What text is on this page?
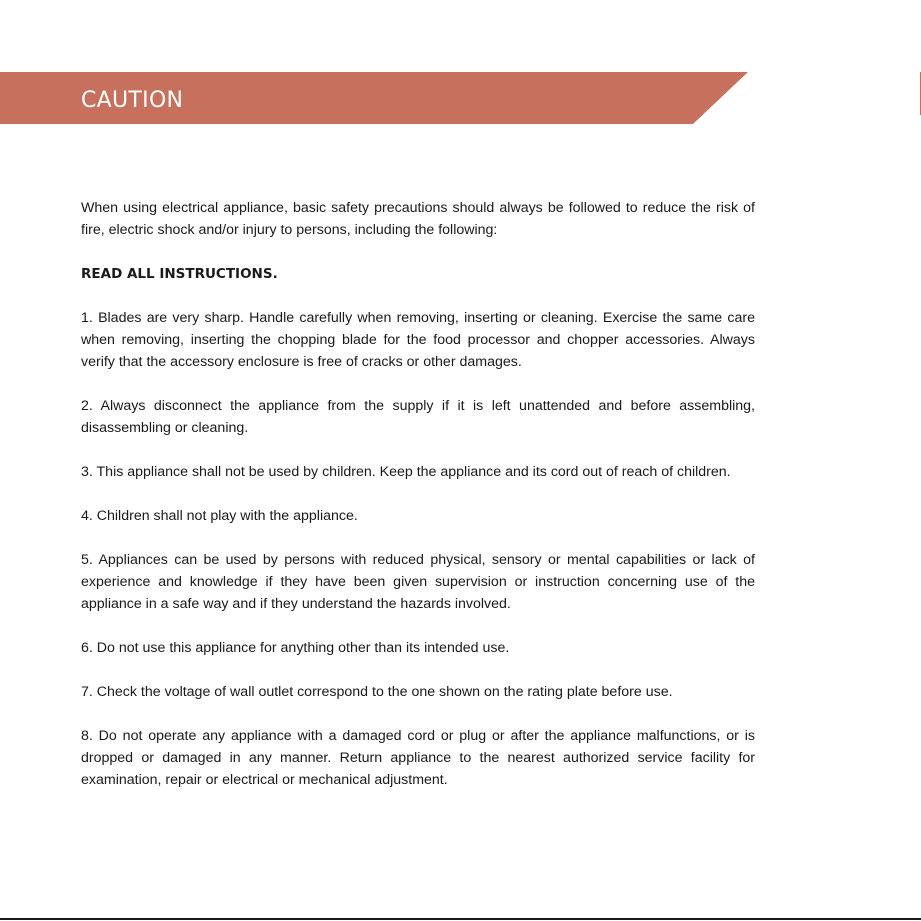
CAUTION

When using electrical appliance, basic safety precautions should always be followed to reduce the risk of fire, electric shock and/or injury to persons, including the following:

READ ALL INSTRUCTIONS.

1. Blades are very sharp. Handle carefully when removing, inserting or cleaning. Exercise the same care when removing, inserting the chopping blade for the food processor and chopper accessories. Always verify that the accessory enclosure is free of cracks or other damages.

2. Always disconnect the appliance from the supply if it is left unattended and before assembling, disassembling or cleaning.

3. This appliance shall not be used by children. Keep the appliance and its cord out of reach of children.

4. Children shall not play with the appliance.

5. Appliances can be used by persons with reduced physical, sensory or mental capabilities or lack of experience and knowledge if they have been given supervision or instruction concerning use of the appliance in a safe way and if they understand the hazards involved.

6. Do not use this appliance for anything other than its intended use.

7. Check the voltage of wall outlet correspond to the one shown on the rating plate before use.

8. Do not operate any appliance with a damaged cord or plug or after the appliance malfunctions, or is dropped or damaged in any manner. Return appliance to the nearest authorized service facility for examination, repair or electrical or mechanical adjustment.
